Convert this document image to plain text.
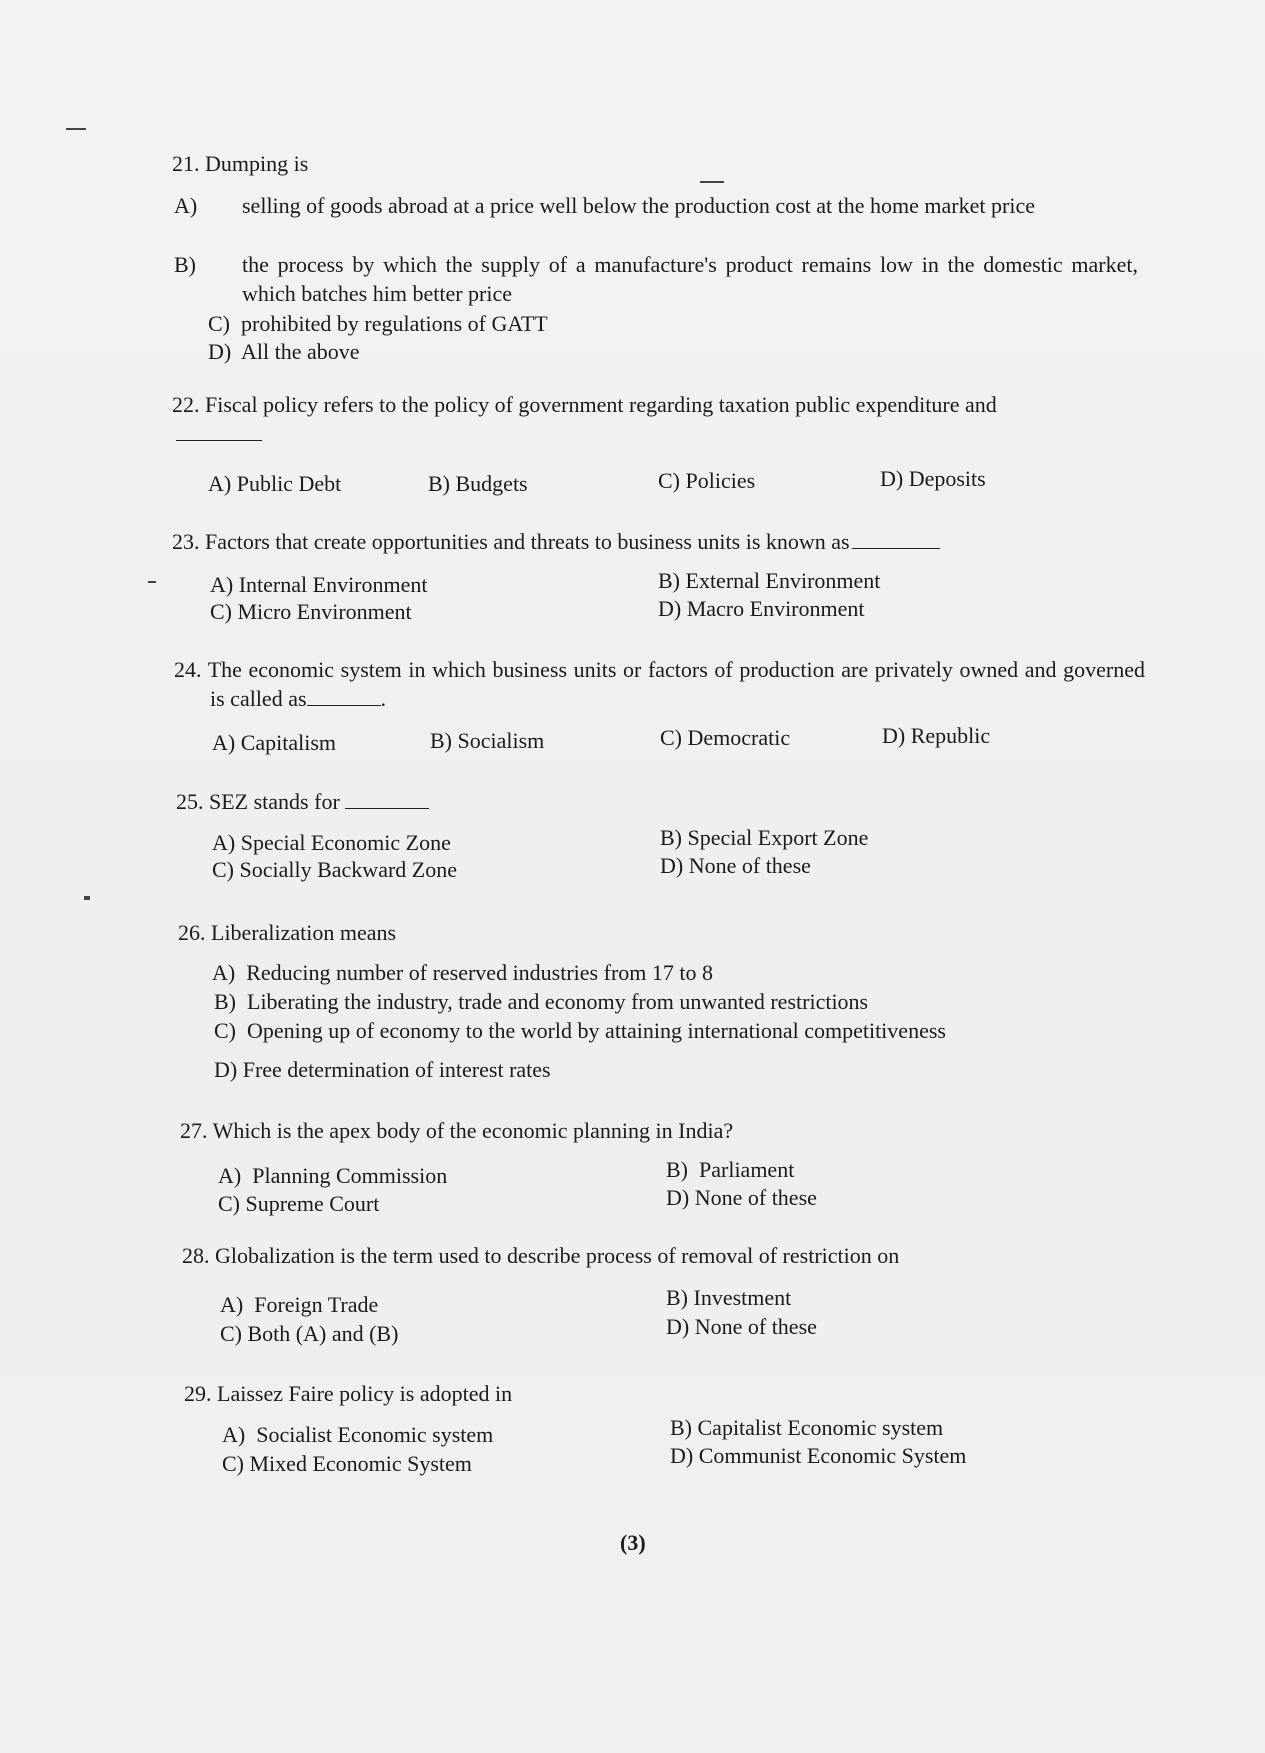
21. Dumping is
A) selling of goods abroad at a price well below the production cost at the home market price
B) the process by which the supply of a manufacture's product remains low in the domestic market, which batches him better price
C) prohibited by regulations of GATT
D) All the above
22. Fiscal policy refers to the policy of government regarding taxation public expenditure and
A) Public Debt	B) Budgets	C) Policies	D) Deposits
23. Factors that create opportunities and threats to business units is known as
A) Internal Environment	B) External Environment
C) Micro Environment	D) Macro Environment
24. The economic system in which business units or factors of production are privately owned and governed is called as	.
A) Capitalism	B) Socialism	C) Democratic	D) Republic
25. SEZ stands for
A) Special Economic Zone	B) Special Export Zone
C) Socially Backward Zone	D) None of these
26. Liberalization means
A) Reducing number of reserved industries from 17 to 8
B) Liberating the industry, trade and economy from unwanted restrictions
C) Opening up of economy to the world by attaining international competitiveness
D) Free determination of interest rates
27. Which is the apex body of the economic planning in India?
A) Planning Commission	B) Parliament
C) Supreme Court	D) None of these
28. Globalization is the term used to describe process of removal of restriction on
A) Foreign Trade	B) Investment
C) Both (A) and (B)	D) None of these
29. Laissez Faire policy is adopted in
A) Socialist Economic system	B) Capitalist Economic system
C) Mixed Economic System	D) Communist Economic System
(3)
